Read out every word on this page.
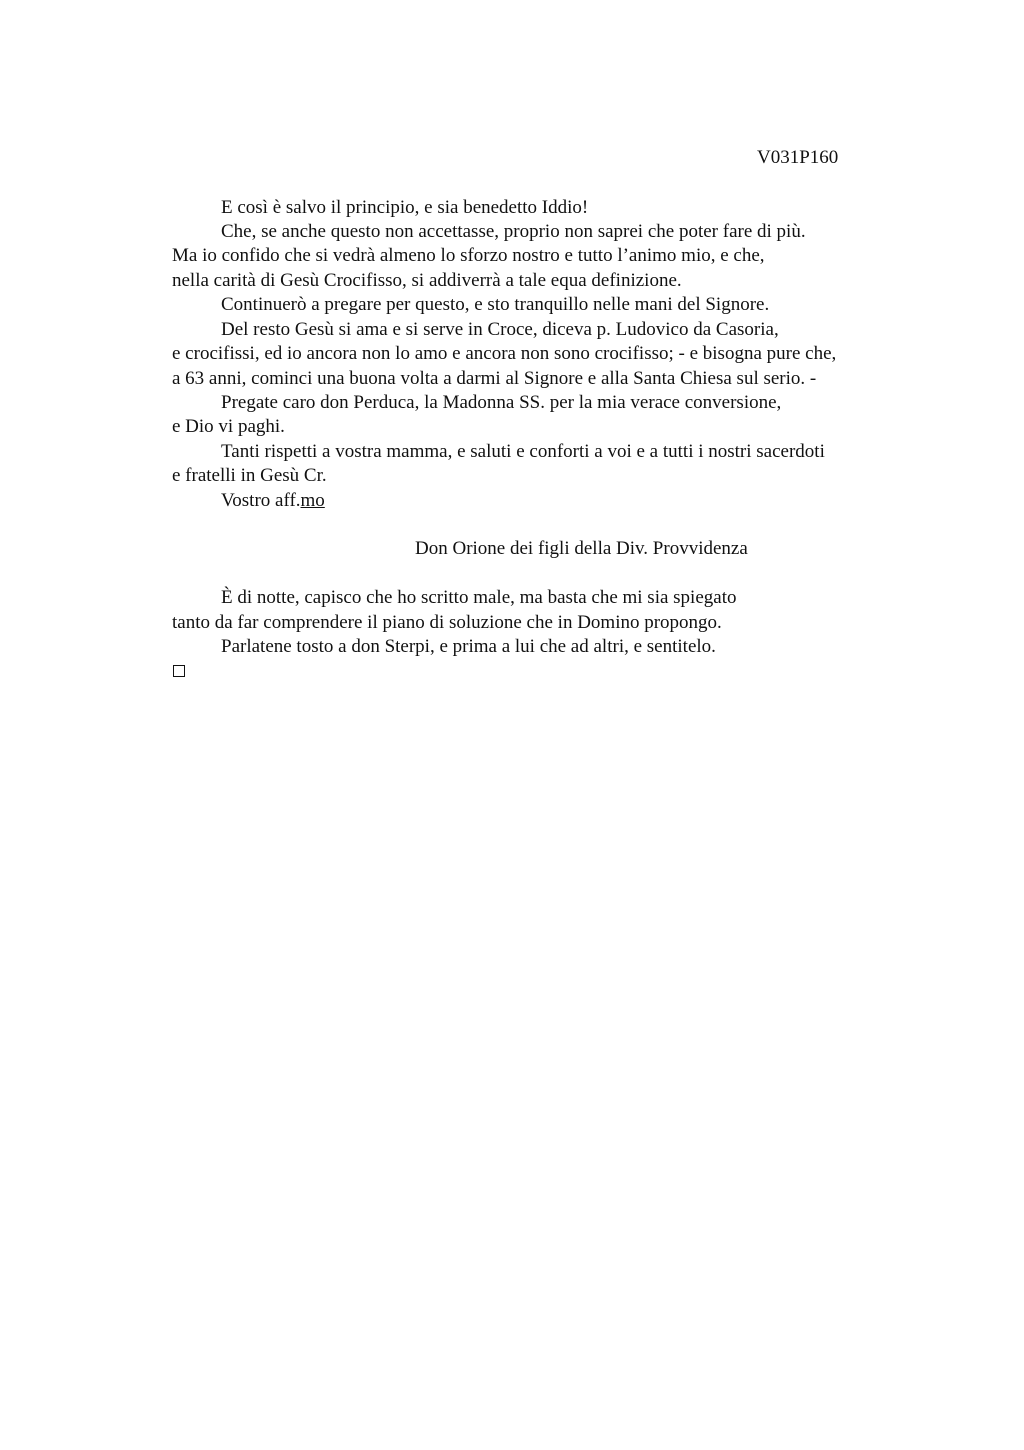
V031P160
E così è salvo il principio, e sia benedetto Iddio!
Che, se anche questo non accettasse, proprio non saprei che poter fare di più.
Ma io confido che si vedrà almeno lo sforzo nostro e tutto l’animo mio, e che,
nella carità di Gesù Crocifisso, si addiverrà a tale equa definizione.
Continuerò a pregare per questo, e sto tranquillo nelle mani del Signore.
Del resto Gesù si ama e si serve in Croce, diceva p. Ludovico da Casoria,
e crocifissi, ed io ancora non lo amo e ancora non sono crocifisso; - e bisogna pure che,
a 63 anni, cominci una buona volta a darmi al Signore e alla Santa Chiesa sul serio. -
Pregate caro don Perduca, la Madonna SS. per la mia verace conversione,
e Dio vi paghi.
Tanti rispetti a vostra mamma, e saluti e conforti a voi e a tutti i nostri sacerdoti
e fratelli in Gesù Cr.
Vostro aff.mo
Don Orione dei figli della Div. Provvidenza
È di notte, capisco che ho scritto male, ma basta che mi sia spiegato
tanto da far comprendere il piano di soluzione che in Domino propongo.
Parlatene tosto a don Sterpi, e prima a lui che ad altri, e sentitelo.
